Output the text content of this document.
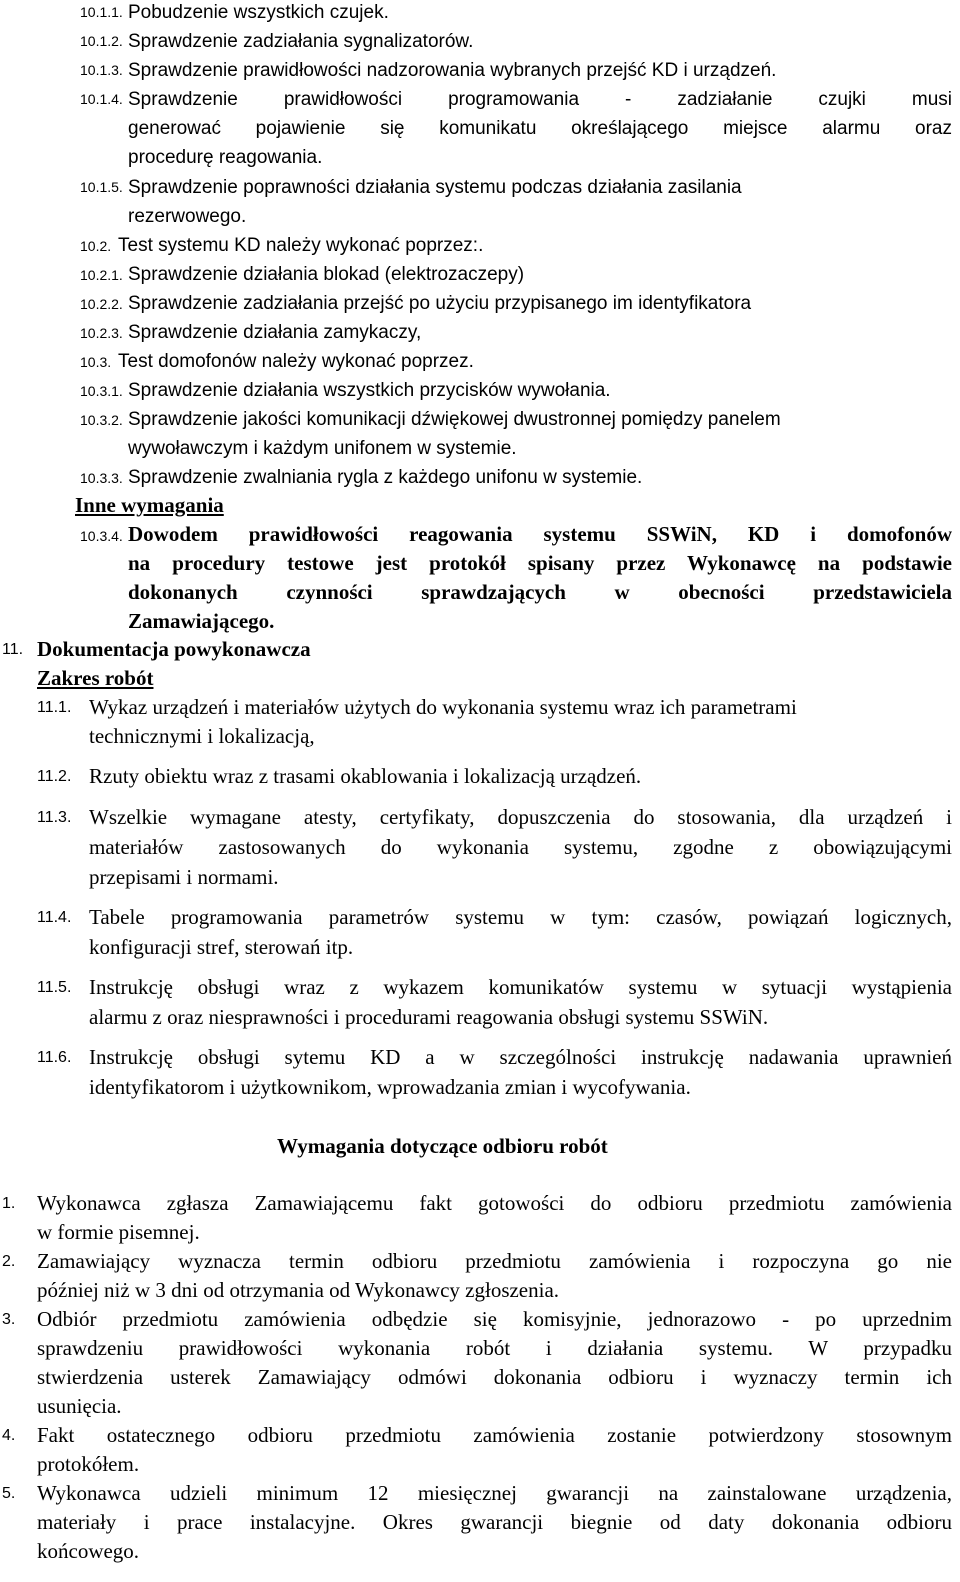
10.1.1. Pobudzenie wszystkich czujek.
10.1.2. Sprawdzenie zadziałania sygnalizatorów.
10.1.3. Sprawdzenie prawidłowości nadzorowania wybranych przejść KD i urządzeń.
10.1.4. Sprawdzenie prawidłowości programowania - zadziałanie czujki musi
generować pojawienie się komunikatu określającego miejsce alarmu oraz
procedurę reagowania.
10.1.5. Sprawdzenie poprawności działania systemu podczas działania zasilania
rezerwowego.
10.2. Test systemu KD należy wykonać poprzez:.
10.2.1. Sprawdzenie działania blokad (elektrozaczepy)
10.2.2. Sprawdzenie zadziałania przejść po użyciu przypisanego im identyfikatora
10.2.3. Sprawdzenie działania zamykaczy,
10.3. Test domofonów należy wykonać poprzez.
10.3.1. Sprawdzenie działania wszystkich przycisków wywołania.
10.3.2. Sprawdzenie jakości komunikacji dźwiękowej dwustronnej pomiędzy panelem
wywoławczym i każdym unifonem w systemie.
10.3.3. Sprawdzenie zwalniania rygla z każdego unifonu w systemie.
Inne wymagania
10.3.4. Dowodem prawidłowości reagowania systemu SSWiN, KD i domofonów
na procedury testowe jest protokół spisany przez Wykonawcę na podstawie
dokonanych czynności sprawdzających w obecności przedstawiciela
Zamawiającego.
11. Dokumentacja powykonawcza
Zakres robót
11.1. Wykaz urządzeń i materiałów użytych do wykonania systemu wraz ich parametrami
technicznymi i lokalizacją,
11.2. Rzuty obiektu wraz z trasami okablowania i lokalizacją urządzeń.
11.3. Wszelkie wymagane atesty, certyfikaty, dopuszczenia do stosowania, dla urządzeń i
materiałów zastosowanych do wykonania systemu, zgodne z obowiązującymi
przepisami i normami.
11.4. Tabele programowania parametrów systemu w tym: czasów, powiązań logicznych,
konfiguracji stref, sterowań itp.
11.5. Instrukcję obsługi wraz z wykazem komunikatów systemu w sytuacji wystąpienia
alarmu z oraz niesprawności i procedurami reagowania obsługi systemu SSWiN.
11.6. Instrukcję obsługi sytemu KD a w szczególności instrukcję nadawania uprawnień
identyfikatorom i użytkownikom, wprowadzania zmian i wycofywania.
Wymagania dotyczące odbioru robót
1. Wykonawca zgłasza Zamawiającemu fakt gotowości do odbioru przedmiotu zamówienia
w formie pisemnej.
2. Zamawiający wyznacza termin odbioru przedmiotu zamówienia i rozpoczyna go nie
później niż w 3 dni od otrzymania od Wykonawcy zgłoszenia.
3. Odbiór przedmiotu zamówienia odbędzie się komisyjnie, jednorazowo - po uprzednim
sprawdzeniu prawidłowości wykonania robót i działania systemu. W przypadku
stwierdzenia usterek Zamawiający odmówi dokonania odbioru i wyznaczy termin ich
usunięcia.
4. Fakt ostatecznego odbioru przedmiotu zamówienia zostanie potwierdzony stosownym
protokółem.
5. Wykonawca udzieli minimum 12 miesięcznej gwarancji na zainstalowane urządzenia,
materiały i prace instalacyjne. Okres gwarancji biegnie od daty dokonania odbioru
końcowego.
